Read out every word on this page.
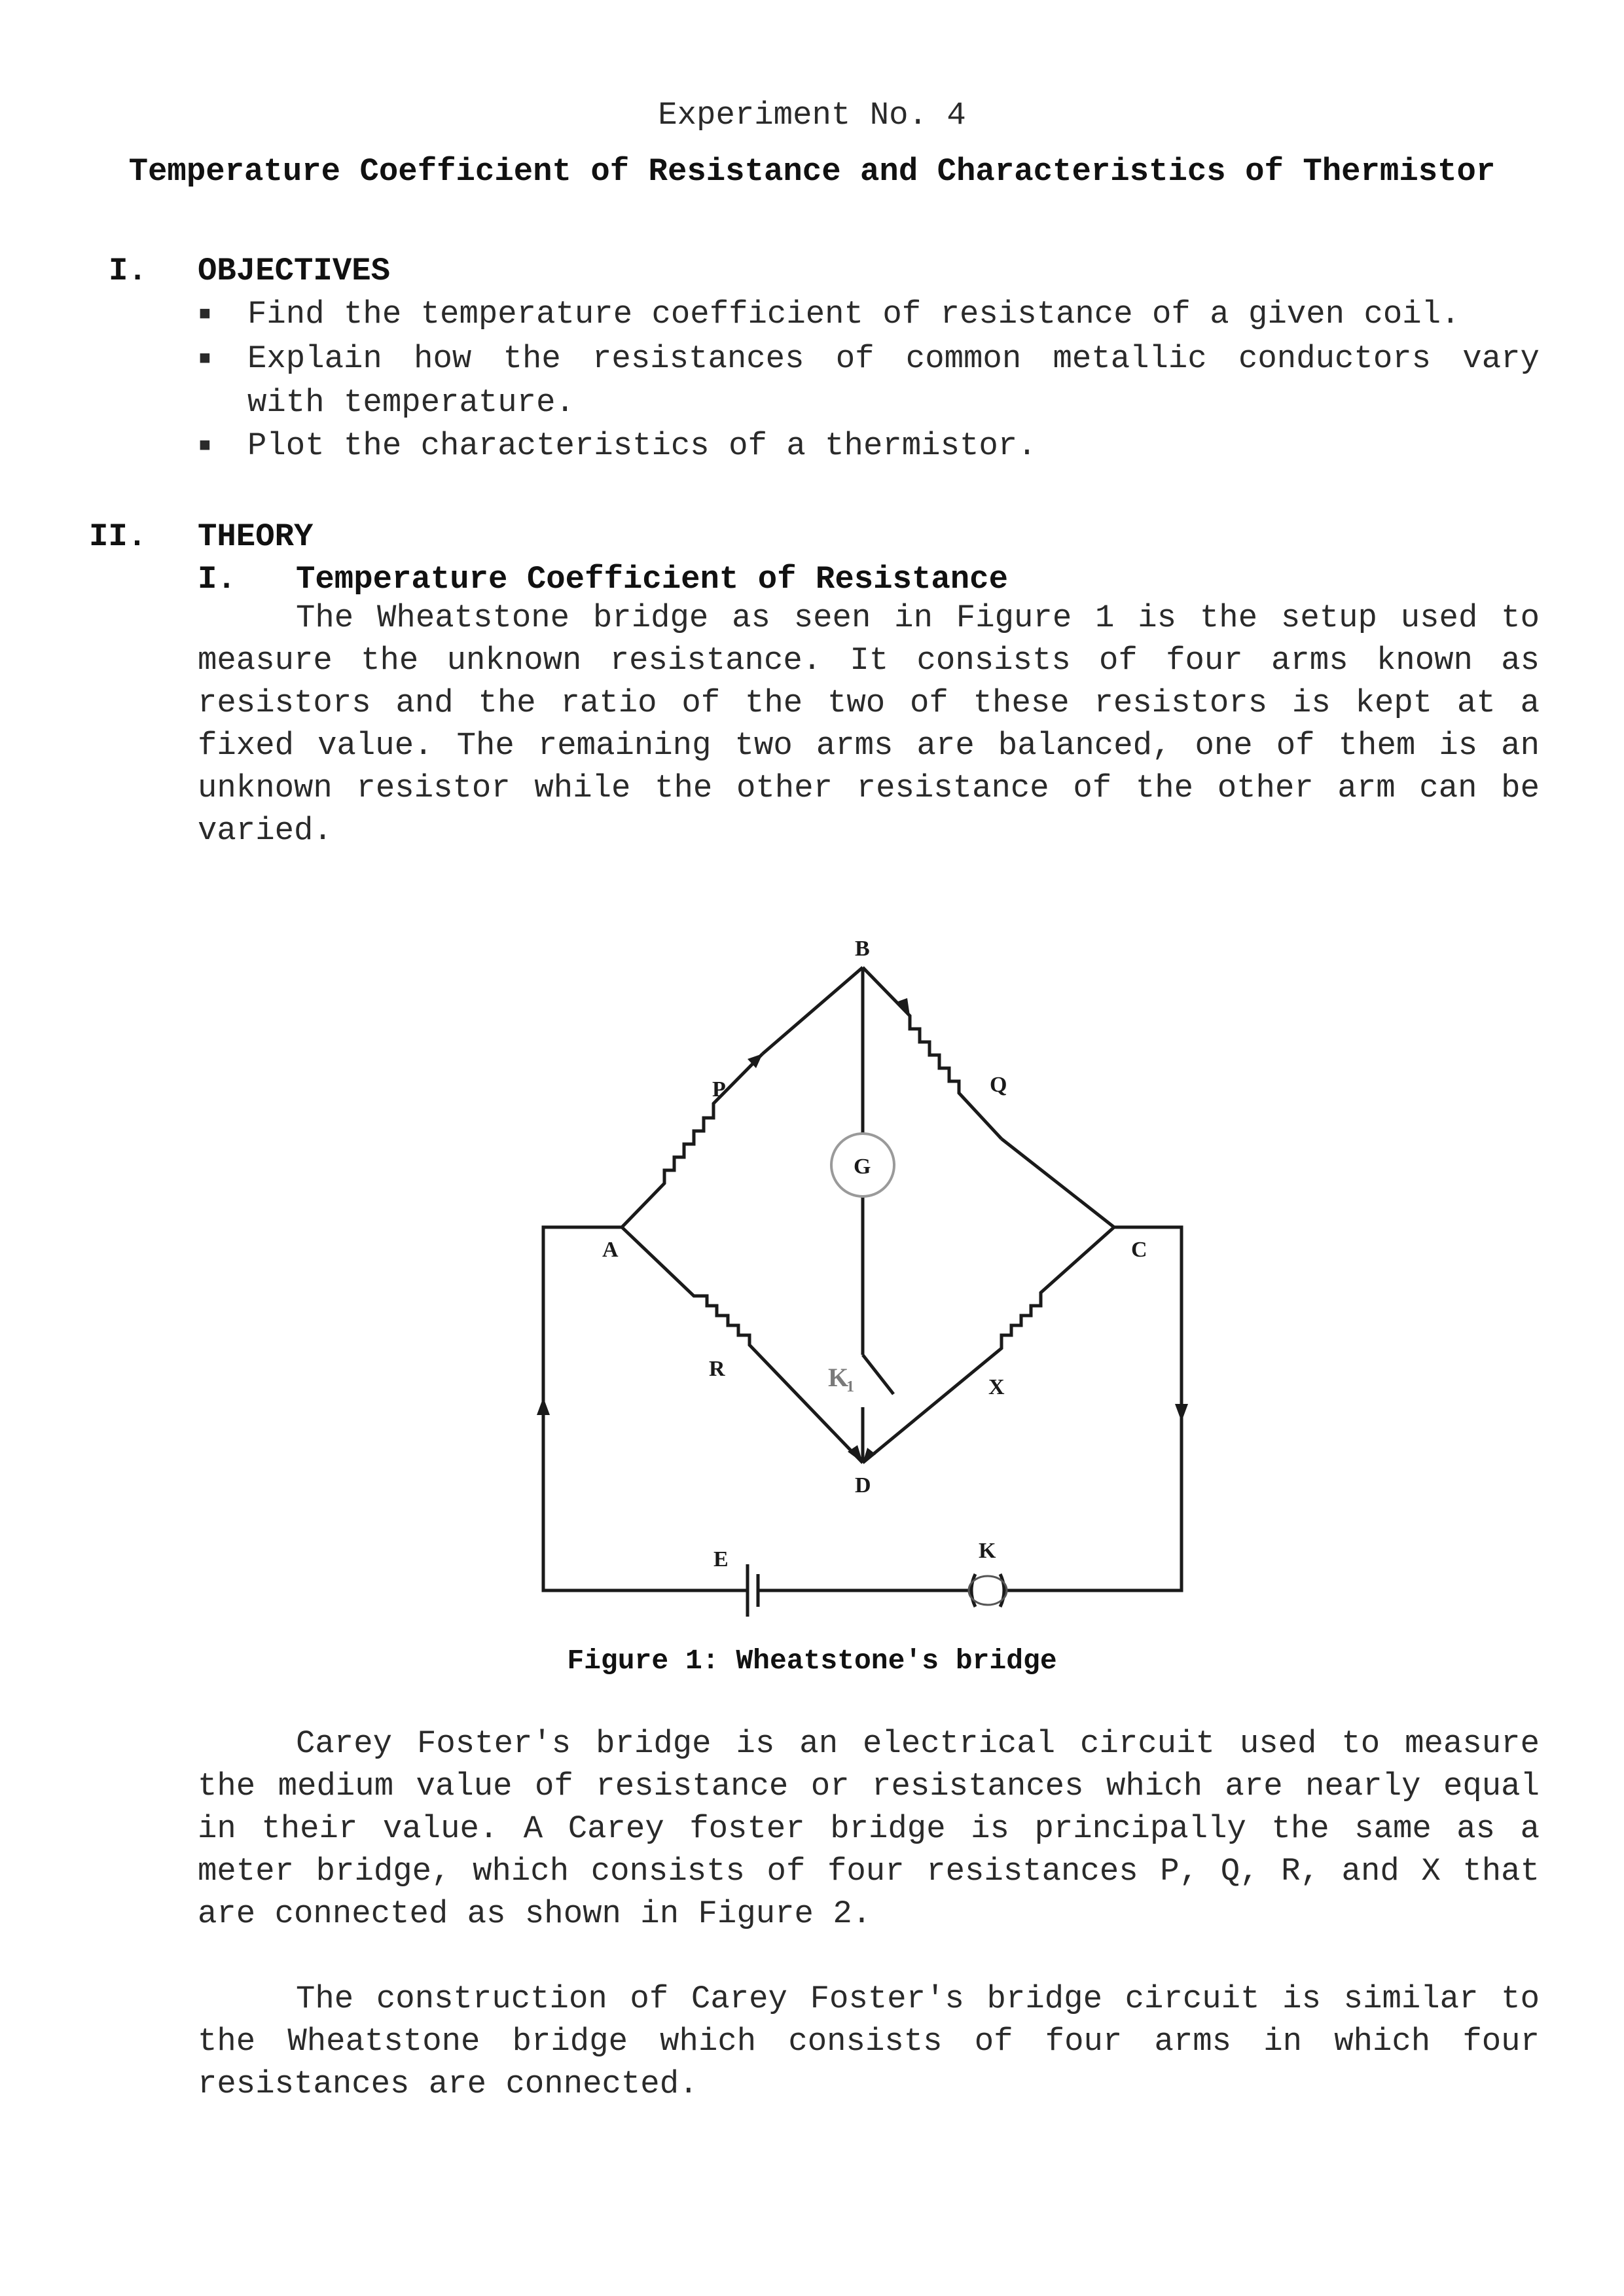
Experiment No. 4

Temperature Coefficient of Resistance and Characteristics of Thermistor

I. OBJECTIVES
■ Find the temperature coefficient of resistance of a given coil.
■ Explain how the resistances of common metallic conductors vary
with temperature.
■ Plot the characteristics of a thermistor.
II. THEORY
I. Temperature Coefficient of Resistance

The Wheatstone bridge as seen in Figure 1 is the setup used to measure the unknown resistance. It consists of four arms known as resistors and the ratio of the two of these resistors is kept at a fixed value. The remaining two arms are balanced, one of them is an unknown resistor while the other resistance of the other arm can be varied.

B
P	Q
G
A	C
R
X
D
E	K
K
1

Figure 1: Wheatstone's bridge

Carey Foster's bridge is an electrical circuit used to measure the medium value of resistance or resistances which are nearly equal in their value. A Carey foster bridge is principally the same as a meter bridge, which consists of four resistances P, Q, R, and X that are connected as shown in Figure 2.

The construction of Carey Foster's bridge circuit is similar to the Wheatstone bridge which consists of four arms in which four resistances are connected.
